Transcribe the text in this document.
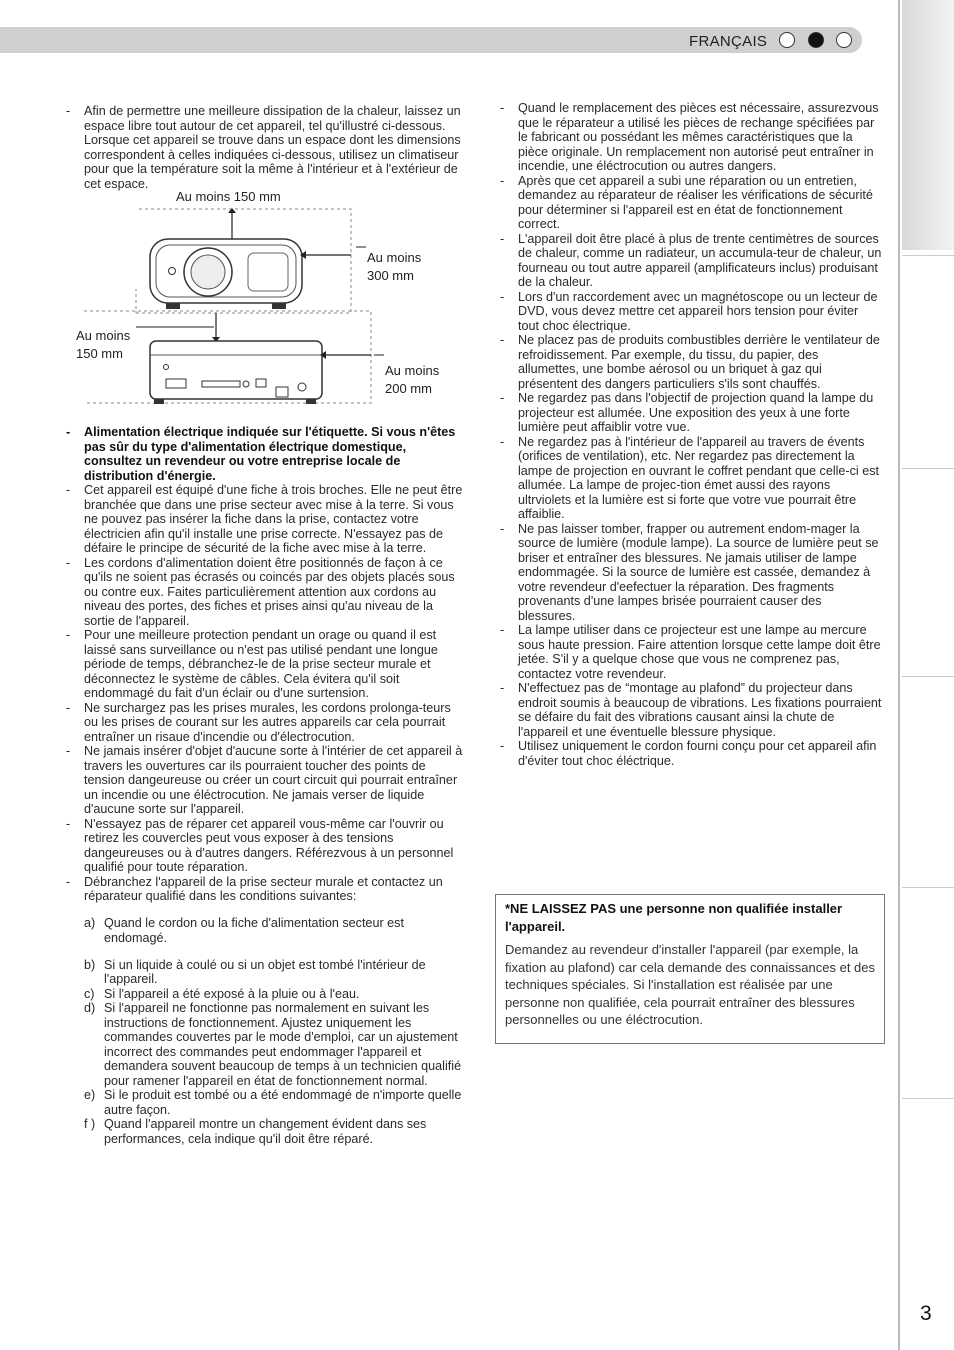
FRANÇAIS
3

- Afin de permettre une meilleure dissipation de la chaleur, laissez un espace libre tout autour de cet appareil, tel qu'illustré ci-dessous. Lorsque cet appareil se trouve dans un espace dont les dimensions correspondent à celles indiquées ci-dessous, utilisez un climatiseur pour que la température soit la même à l'intérieur et à l'extérieur de cet espace.

Au moins 150 mm
Au moins
300 mm
Au moins
150 mm
Au moins
200 mm

- Alimentation électrique indiquée sur l'étiquette. Si vous n'êtes pas sûr du type d'alimentation électrique domestique, consultez un revendeur ou votre entreprise locale de distribution d'énergie.

- Cet appareil est équipé d'une fiche à trois broches. Elle ne peut être branchée que dans une prise secteur avec mise à la terre. Si vous ne pouvez pas insérer la fiche dans la prise, contactez votre électricien afin qu'il installe une prise correcte. N'essayez pas de défaire le principe de sécurité de la fiche avec mise à la terre.

- Les cordons d'alimentation doient être positionnés de façon à ce qu'ils ne soient pas écrasés ou coincés par des objets placés sous ou contre eux. Faites particulièrement attention aux cordons au niveau des portes, des fiches et prises ainsi qu'au niveau de la sortie de l'appareil.

- Pour une meilleure protection pendant un orage ou quand il est laissé sans surveillance ou n'est pas utilisé pendant une longue période de temps, débranchez-le de la prise secteur murale et déconnectez le système de câbles. Cela évitera qu'il soit endommagé du fait d'un éclair ou d'une surtension.

- Ne surchargez pas les prises murales, les cordons prolonga-teurs ou les prises de courant sur les autres appareils car cela pourrait entraîner un risaue d'incendie ou d'électrocution.

- Ne jamais insérer d'objet d'aucune sorte à l'intérier de cet appareil à travers les ouvertures car ils pourraient toucher des points de tension dangeureuse ou créer un court circuit qui pourrait entraîner un incendie ou une éléctrocution. Ne jamais verser de liquide d'aucune sorte sur l'appareil.

- N'essayez pas de réparer cet appareil vous-même car l'ouvrir ou retirez les couvercles peut vous exposer à des tensions dangeureuses ou à d'autres dangers. Référezvous à un personnel qualifié pour toute réparation.

- Débranchez l'appareil de la prise secteur murale et contactez un réparateur qualifié dans les conditions suivantes:

a) Quand le cordon ou la fiche d'alimentation secteur est endomagé.

b) Si un liquide à coulé ou si un objet est tombé l'intérieur de l'appareil.

c) Si l'appareil a été exposé à la pluie ou à l'eau.

d) Si l'appareil ne fonctionne pas normalement en suivant les instructions de fonctionnement. Ajustez uniquement les commandes couvertes par le mode d'emploi, car un ajustement incorrect des commandes peut endommager l'appareil et demandera souvent beaucoup de temps à un technicien qualifié pour ramener l'appareil en état de fonctionnement normal.

e) Si le produit est tombé ou a été endommagé de n'importe quelle autre façon.

f ) Quand l'appareil montre un changement évident dans ses performances, cela indique qu'il doit être réparé.

- Quand le remplacement des pièces est nécessaire, assurezvous que le réparateur a utilisé les pièces de rechange spécifiées par le fabricant ou possédant les mêmes caractéristiques que la pièce originale. Un remplacement non autorisé peut entraîner in incendie, une éléctrocution ou autres dangers.

- Après que cet appareil a subi une réparation ou un entretien, demandez au réparateur de réaliser les vérifications de sécurité pour déterminer si l'appareil est en état de fonctionnement correct.

- L'appareil doit être placé à plus de trente centimètres de sources de chaleur, comme un radiateur, un accumula-teur de chaleur, un fourneau ou tout autre appareil (amplificateurs inclus) produisant de la chaleur.

- Lors d'un raccordement avec un magnétoscope ou un lecteur de DVD, vous devez mettre cet appareil hors tension pour éviter tout choc électrique.

- Ne placez pas de produits combustibles derrière le ventilateur de refroidissement. Par exemple, du tissu, du papier, des allumettes, une bombe aérosol ou un briquet à gaz qui présentent des dangers particuliers s'ils sont chauffés.

- Ne regardez pas dans l'objectif de projection quand la lampe du projecteur est allumée. Une exposition des yeux à une forte lumière peut affaiblir votre vue.

- Ne regardez pas à l'intérieur de l'appareil au travers de évents (orifices de ventilation), etc. Ner regardez pas directement la lampe de projection en ouvrant le coffret pendant que celle-ci est allumée. La lampe de projec-tion émet aussi des rayons ultrviolets et la lumière est si forte que votre vue pourrait être affaiblie.

- Ne pas laisser tomber, frapper ou autrement endom-mager la source de lumière (module lampe). La source de lumière peut se briser et entraîner des blessures. Ne jamais utiliser de lampe endommagée. Si la source de lumière est cassée, demandez à votre revendeur d'eefectuer la réparation. Des fragments provenants d'une lampes brisée pourraient causer des blessures.

- La lampe utiliser dans ce projecteur est une lampe au mercure sous haute pression. Faire attention lorsque cette lampe doit être jetée. S'il y a quelque chose que vous ne comprenez pas, contactez votre revendeur.

- N'effectuez pas de “montage au plafond” du projecteur dans endroit soumis à beaucoup de vibrations. Les fixations pourraient se défaire du fait des vibrations causant ainsi la chute de l'appareil et une éventuelle blessure physique.

- Utilisez uniquement le cordon fourni conçu pour cet appareil afin d'éviter tout choc éléctrique.

*NE LAISSEZ PAS une personne non qualifiée installer l'appareil.
Demandez au revendeur d'installer l'appareil (par exemple, la fixation au plafond) car cela demande des connaissances et des techniques spéciales. Si l'installation est réalisée par une personne non qualifiée, cela pourrait entraîner des blessures personnelles ou une éléctrocution.
